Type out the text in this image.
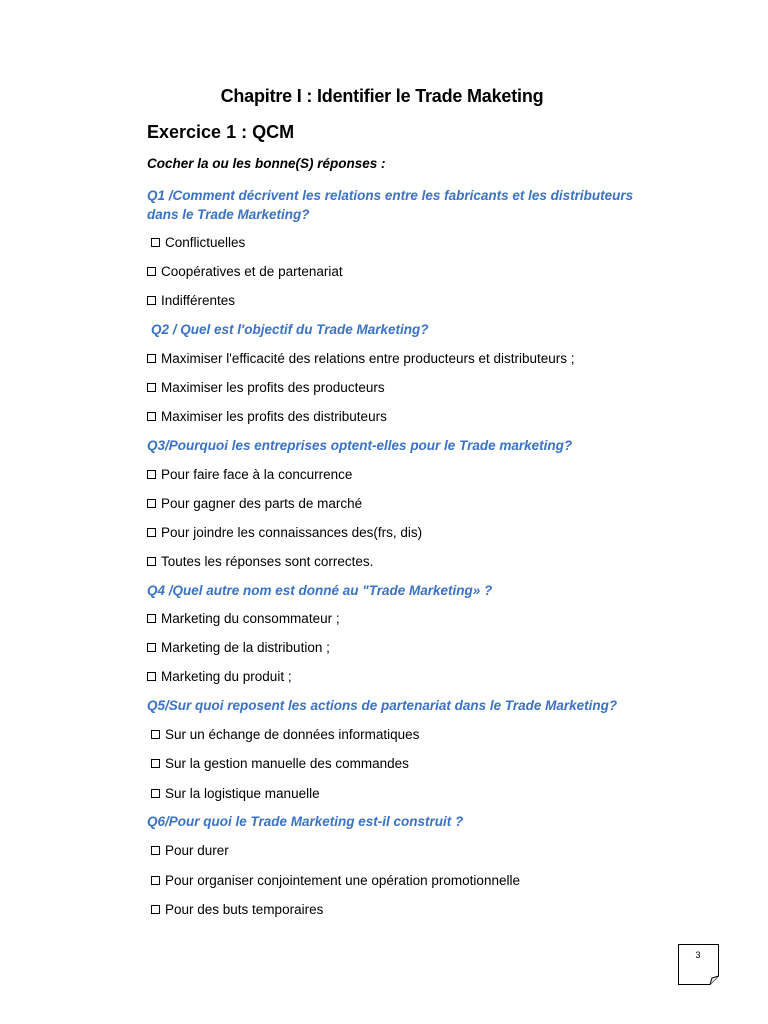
Chapitre I : Identifier le Trade Maketing
Exercice 1 : QCM
Cocher la ou les bonne(S) réponses :
Q1 /Comment décrivent les relations entre les fabricants et les distributeurs dans le Trade Marketing?
Conflictuelles
Coopératives et de partenariat
Indifférentes
Q2 / Quel est l'objectif du Trade Marketing?
Maximiser l'efficacité des relations entre producteurs et distributeurs ;
Maximiser les profits des producteurs
Maximiser les profits des distributeurs
Q3/Pourquoi les entreprises optent-elles pour le Trade marketing?
Pour faire face à la concurrence
Pour gagner des parts de marché
Pour joindre les connaissances des(frs, dis)
Toutes les réponses sont correctes.
Q4 /Quel autre nom est donné au "Trade Marketing» ?
Marketing du consommateur ;
Marketing de la distribution ;
Marketing du produit ;
Q5/Sur quoi reposent les actions de partenariat dans le Trade Marketing?
Sur un échange de données informatiques
Sur la gestion manuelle des commandes
Sur la logistique manuelle
Q6/Pour quoi le Trade Marketing est-il construit ?
Pour durer
Pour organiser conjointement une opération promotionnelle
Pour des buts temporaires
3
